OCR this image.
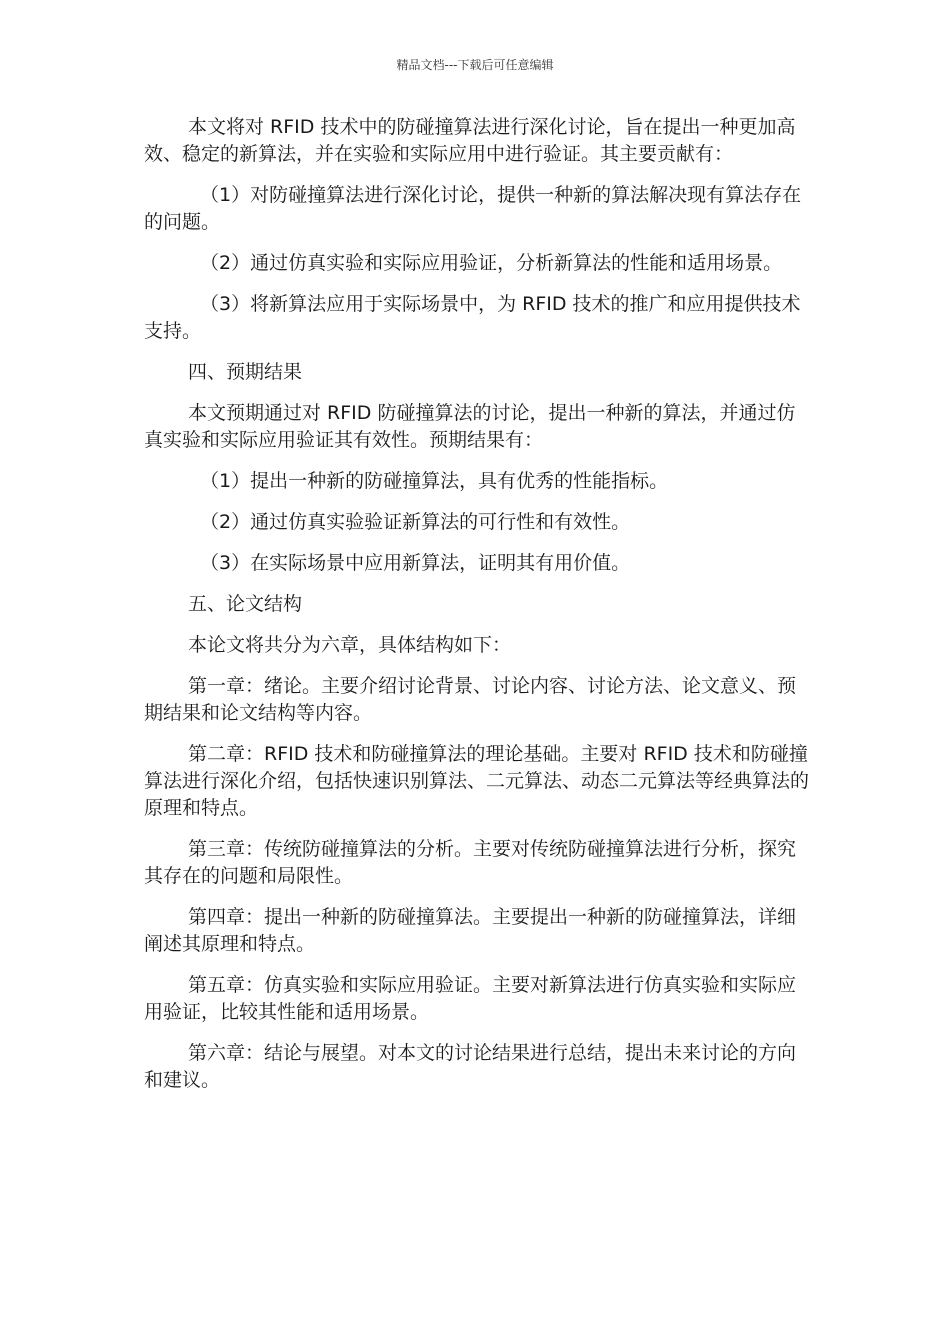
精品文档---下载后可任意编辑

本文将对 RFID 技术中的防碰撞算法进行深化讨论，旨在提出一种更加高效、稳定的新算法，并在实验和实际应用中进行验证。其主要贡献有：

（1）对防碰撞算法进行深化讨论，提供一种新的算法解决现有算法存在的问题。

（2）通过仿真实验和实际应用验证，分析新算法的性能和适用场景。

（3）将新算法应用于实际场景中，为 RFID 技术的推广和应用提供技术支持。

四、预期结果

本文预期通过对 RFID 防碰撞算法的讨论，提出一种新的算法，并通过仿真实验和实际应用验证其有效性。预期结果有：

（1）提出一种新的防碰撞算法，具有优秀的性能指标。

（2）通过仿真实验验证新算法的可行性和有效性。

（3）在实际场景中应用新算法，证明其有用价值。

五、论文结构

本论文将共分为六章，具体结构如下：

第一章：绪论。主要介绍讨论背景、讨论内容、讨论方法、论文意义、预期结果和论文结构等内容。

第二章：RFID 技术和防碰撞算法的理论基础。主要对 RFID 技术和防碰撞算法进行深化介绍，包括快速识别算法、二元算法、动态二元算法等经典算法的原理和特点。

第三章：传统防碰撞算法的分析。主要对传统防碰撞算法进行分析，探究其存在的问题和局限性。

第四章：提出一种新的防碰撞算法。主要提出一种新的防碰撞算法，详细阐述其原理和特点。

第五章：仿真实验和实际应用验证。主要对新算法进行仿真实验和实际应用验证，比较其性能和适用场景。

第六章：结论与展望。对本文的讨论结果进行总结，提出未来讨论的方向和建议。
